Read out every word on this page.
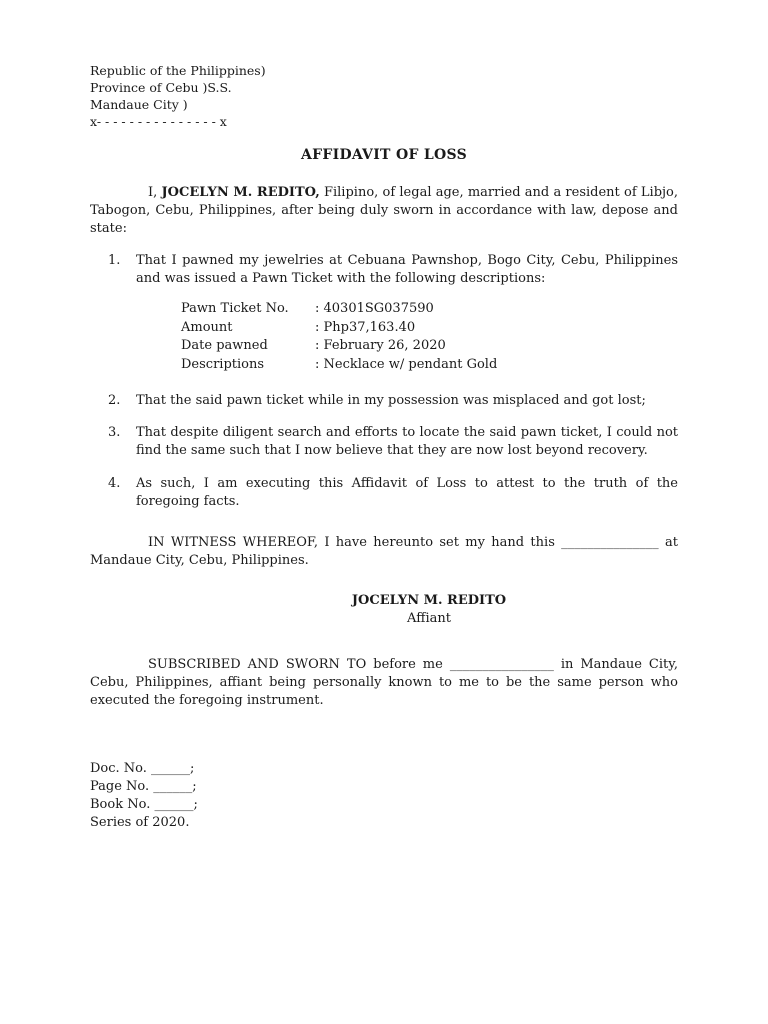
Republic of the Philippines)
Province of Cebu )S.S.
Mandaue City )
x- - - - - - - - - - - - - - - x
AFFIDAVIT OF LOSS
I, JOCELYN M. REDITO, Filipino, of legal age, married and a resident of Libjo, Tabogon, Cebu, Philippines, after being duly sworn in accordance with law, depose and state:
1.	That I pawned my jewelries at Cebuana Pawnshop, Bogo City, Cebu, Philippines and was issued a Pawn Ticket with the following descriptions:
Pawn Ticket No.	: 40301SG037590
Amount	: Php37,163.40
Date pawned	: February 26, 2020
Descriptions	: Necklace w/ pendant Gold
2.	That the said pawn ticket while in my possession was misplaced and got lost;
3.	That despite diligent search and efforts to locate the said pawn ticket, I could not find the same such that I now believe that they are now lost beyond recovery.
4.	As such, I am executing this Affidavit of Loss to attest to the truth of the foregoing facts.
IN WITNESS WHEREOF, I have hereunto set my hand this _______________ at Mandaue City, Cebu, Philippines.
JOCELYN M. REDITO
Affiant
SUBSCRIBED AND SWORN TO before me ________________ in Mandaue City, Cebu, Philippines, affiant being personally known to me to be the same person who executed the foregoing instrument.
Doc. No. ______;
Page No. ______;
Book No. ______;
Series of 2020.
